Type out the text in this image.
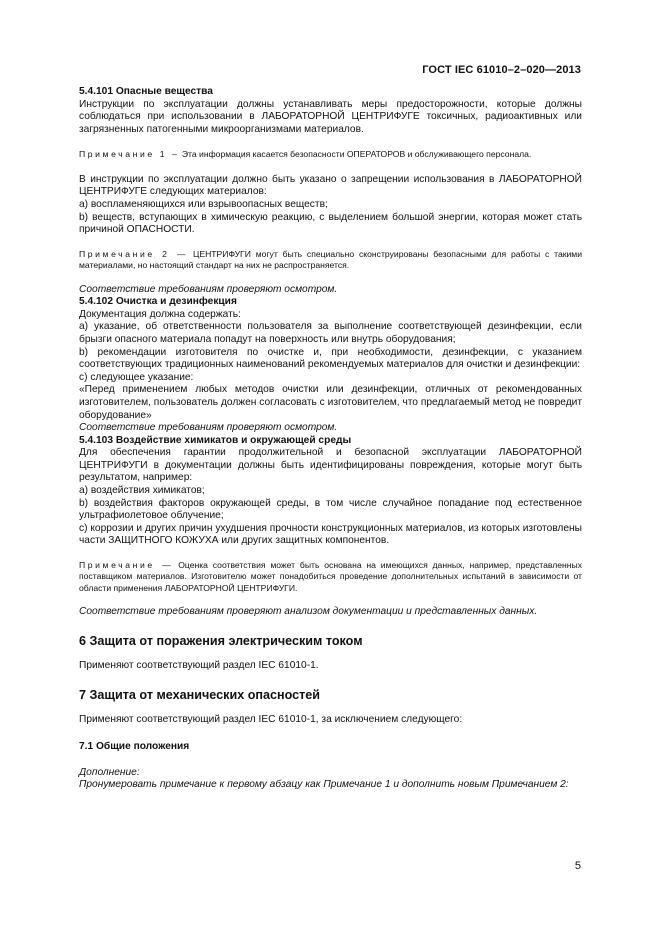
ГОСТ IEC 61010–2–020—2013

5.4.101 Опасные вещества

Инструкции по эксплуатации должны устанавливать меры предосторожности, которые должны соблюдаться при использовании в ЛАБОРАТОРНОЙ ЦЕНТРИФУГЕ токсичных, радиоактивных или загрязненных патогенными микроорганизмами материалов.

Примечание 1 – Эта информация касается безопасности ОПЕРАТОРОВ и обслуживающего персонала.

В инструкции по эксплуатации должно быть указано о запрещении использования в ЛАБОРАТОРНОЙ ЦЕНТРИФУГЕ следующих материалов:

a) воспламеняющихся или взрывоопасных веществ;

b) веществ, вступающих в химическую реакцию, с выделением большой энергии, которая может стать причиной ОПАСНОСТИ.

Примечание 2 — ЦЕНТРИФУГИ могут быть специально сконструированы безопасными для работы с такими материалами, но настоящий стандарт на них не распространяется.

Соответствие требованиям проверяют осмотром.

5.4.102 Очистка и дезинфекция

Документация должна содержать:

a) указание, об ответственности пользователя за выполнение соответствующей дезинфекции, если брызги опасного материала попадут на поверхность или внутрь оборудования;

b) рекомендации изготовителя по очистке и, при необходимости, дезинфекции, с указанием соответствующих традиционных наименований рекомендуемых материалов для очистки и дезинфекции:

c) следующее указание:

«Перед применением любых методов очистки или дезинфекции, отличных от рекомендованных изготовителем, пользователь должен согласовать с изготовителем, что предлагаемый метод не повредит оборудование»

Соответствие требованиям проверяют осмотром.

5.4.103 Воздействие химикатов и окружающей среды

Для обеспечения гарантии продолжительной и безопасной эксплуатации ЛАБОРАТОРНОЙ ЦЕНТРИФУГИ в документации должны быть идентифицированы повреждения, которые могут быть результатом, например:

a) воздействия химикатов;

b) воздействия факторов окружающей среды, в том числе случайное попадание под естественное ультрафиолетовое облучение;

c) коррозии и других причин ухудшения прочности конструкционных материалов, из которых изготовлены части ЗАЩИТНОГО КОЖУХА или других защитных компонентов.

Примечание — Оценка соответствия может быть основана на имеющихся данных, например, представленных поставщиком материалов. Изготовителю может понадобиться проведение дополнительных испытаний в зависимости от области применения ЛАБОРАТОРНОЙ ЦЕНТРИФУГИ.

Соответствие требованиям проверяют анализом документации и представленных данных.

6 Защита от поражения электрическим током

Применяют соответствующий раздел IEC 61010-1.

7 Защита от механических опасностей

Применяют соответствующий раздел IEC 61010-1, за исключением следующего:

7.1 Общие положения

Дополнение:

Пронумеровать примечание к первому абзацу как Примечание 1 и дополнить новым Примечанием 2:

5
